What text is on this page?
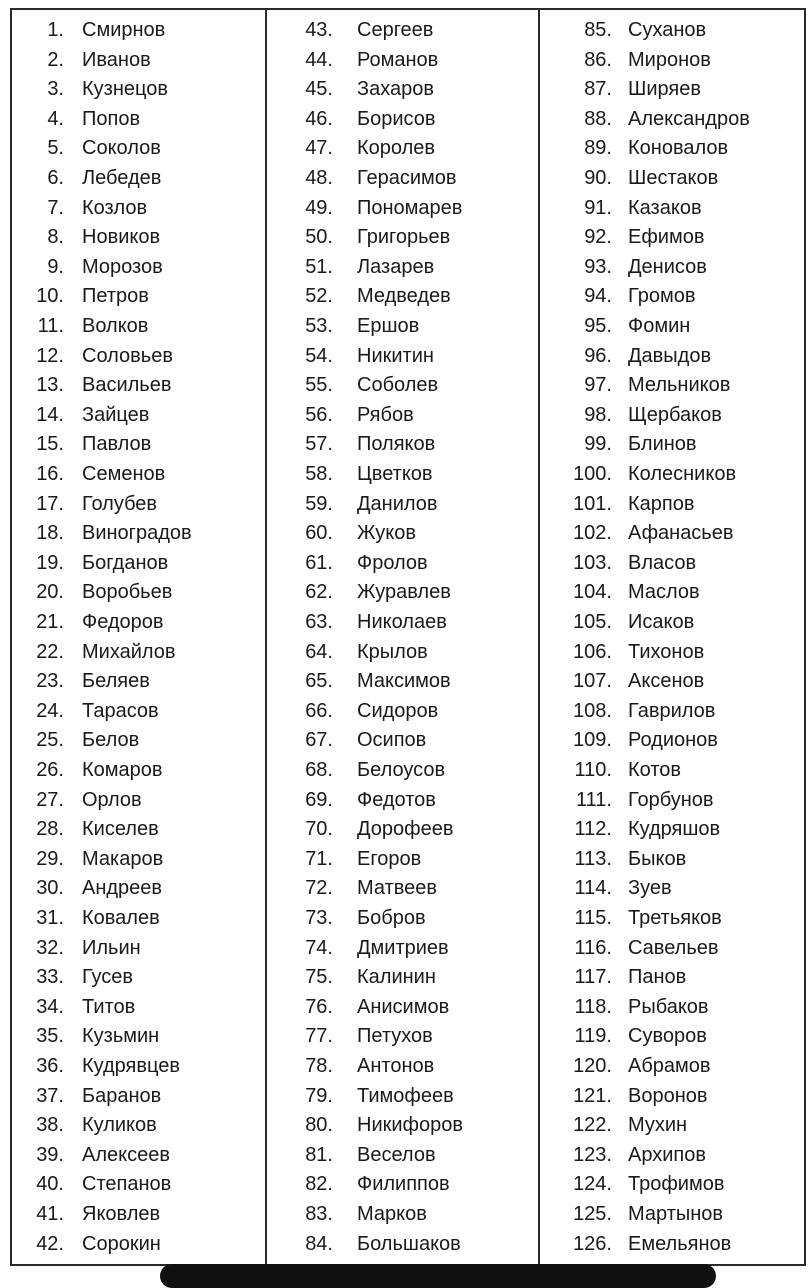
1. Смирнов
2. Иванов
3. Кузнецов
4. Попов
5. Соколов
6. Лебедев
7. Козлов
8. Новиков
9. Морозов
10. Петров
11. Волков
12. Соловьев
13. Васильев
14. Зайцев
15. Павлов
16. Семенов
17. Голубев
18. Виноградов
19. Богданов
20. Воробьев
21. Федоров
22. Михайлов
23. Беляев
24. Тарасов
25. Белов
26. Комаров
27. Орлов
28. Киселев
29. Макаров
30. Андреев
31. Ковалев
32. Ильин
33. Гусев
34. Титов
35. Кузьмин
36. Кудрявцев
37. Баранов
38. Куликов
39. Алексеев
40. Степанов
41. Яковлев
42. Сорокин
43. Сергеев
44. Романов
45. Захаров
46. Борисов
47. Королев
48. Герасимов
49. Пономарев
50. Григорьев
51. Лазарев
52. Медведев
53. Ершов
54. Никитин
55. Соболев
56. Рябов
57. Поляков
58. Цветков
59. Данилов
60. Жуков
61. Фролов
62. Журавлев
63. Николаев
64. Крылов
65. Максимов
66. Сидоров
67. Осипов
68. Белоусов
69. Федотов
70. Дорофеев
71. Егоров
72. Матвеев
73. Бобров
74. Дмитриев
75. Калинин
76. Анисимов
77. Петухов
78. Антонов
79. Тимофеев
80. Никифоров
81. Веселов
82. Филиппов
83. Марков
84. Большаков
85. Суханов
86. Миронов
87. Ширяев
88. Александров
89. Коновалов
90. Шестаков
91. Казаков
92. Ефимов
93. Денисов
94. Громов
95. Фомин
96. Давыдов
97. Мельников
98. Щербаков
99. Блинов
100. Колесников
101. Карпов
102. Афанасьев
103. Власов
104. Маслов
105. Исаков
106. Тихонов
107. Аксенов
108. Гаврилов
109. Родионов
110. Котов
111. Горбунов
112. Кудряшов
113. Быков
114. Зуев
115. Третьяков
116. Савельев
117. Панов
118. Рыбаков
119. Суворов
120. Абрамов
121. Воронов
122. Мухин
123. Архипов
124. Трофимов
125. Мартынов
126. Емельянов
